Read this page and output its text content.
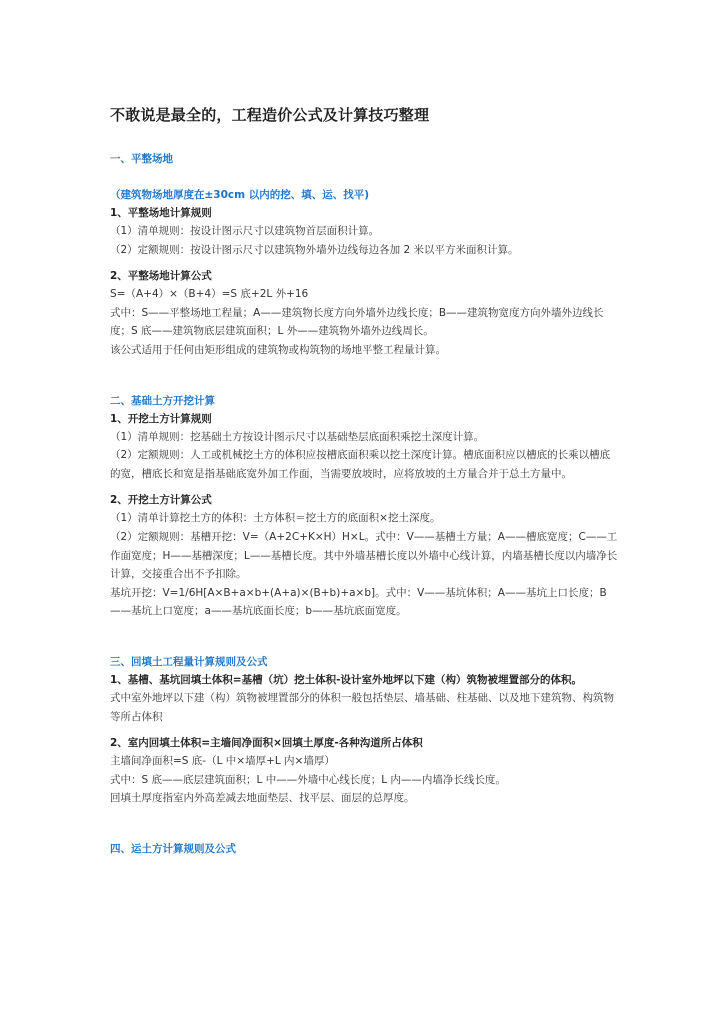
不敢说是最全的，工程造价公式及计算技巧整理
一、平整场地
（建筑物场地厚度在±30cm 以内的挖、填、运、找平)
1、平整场地计算规则
（1）清单规则：按设计图示尺寸以建筑物首层面积计算。
（2）定额规则：按设计图示尺寸以建筑物外墙外边线每边各加 2 米以平方米面积计算。
2、平整场地计算公式
S=（A+4）×（B+4）=S 底+2L 外+16
式中：S——平整场地工程量；A——建筑物长度方向外墙外边线长度；B——建筑物宽度方向外墙外边线长度；S 底——建筑物底层建筑面积；L 外——建筑物外墙外边线周长。
该公式适用于任何由矩形组成的建筑物或构筑物的场地平整工程量计算。
二、基础土方开挖计算
1、开挖土方计算规则
（1）清单规则：挖基础土方按设计图示尺寸以基础垫层底面积乘挖土深度计算。
（2）定额规则：人工或机械挖土方的体积应按槽底面积乘以挖土深度计算。槽底面积应以槽底的长乘以槽底的宽，槽底长和宽是指基础底宽外加工作面，当需要放坡时，应将放坡的土方量合并于总土方量中。
2、开挖土方计算公式
（1）清单计算挖土方的体积：土方体积＝挖土方的底面积×挖土深度。
（2）定额规则：基槽开挖：V=（A+2C+K×H）H×L。式中：V——基槽土方量；A——槽底宽度；C——工作面宽度；H——基槽深度；L——基槽长度。其中外墙基槽长度以外墙中心线计算，内墙基槽长度以内墙净长计算，交接重合出不予扣除。
基坑开挖：V=1/6H[A×B+a×b+(A+a)×(B+b)+a×b]。式中：V——基坑体积；A——基坑上口长度；B——基坑上口宽度；a——基坑底面长度；b——基坑底面宽度。
三、回填土工程量计算规则及公式
1、基槽、基坑回填土体积=基槽（坑）挖土体积-设计室外地坪以下建（构）筑物被埋置部分的体积。
式中室外地坪以下建（构）筑物被埋置部分的体积一般包括垫层、墙基础、柱基础、以及地下建筑物、构筑物等所占体积
2、室内回填土体积=主墙间净面积×回填土厚度-各种沟道所占体积
主墙间净面积=S 底-（L 中×墙厚+L 内×墙厚）
式中：S 底——底层建筑面积；L 中——外墙中心线长度；L 内——内墙净长线长度。
回填土厚度指室内外高差减去地面垫层、找平层、面层的总厚度。
四、运土方计算规则及公式
